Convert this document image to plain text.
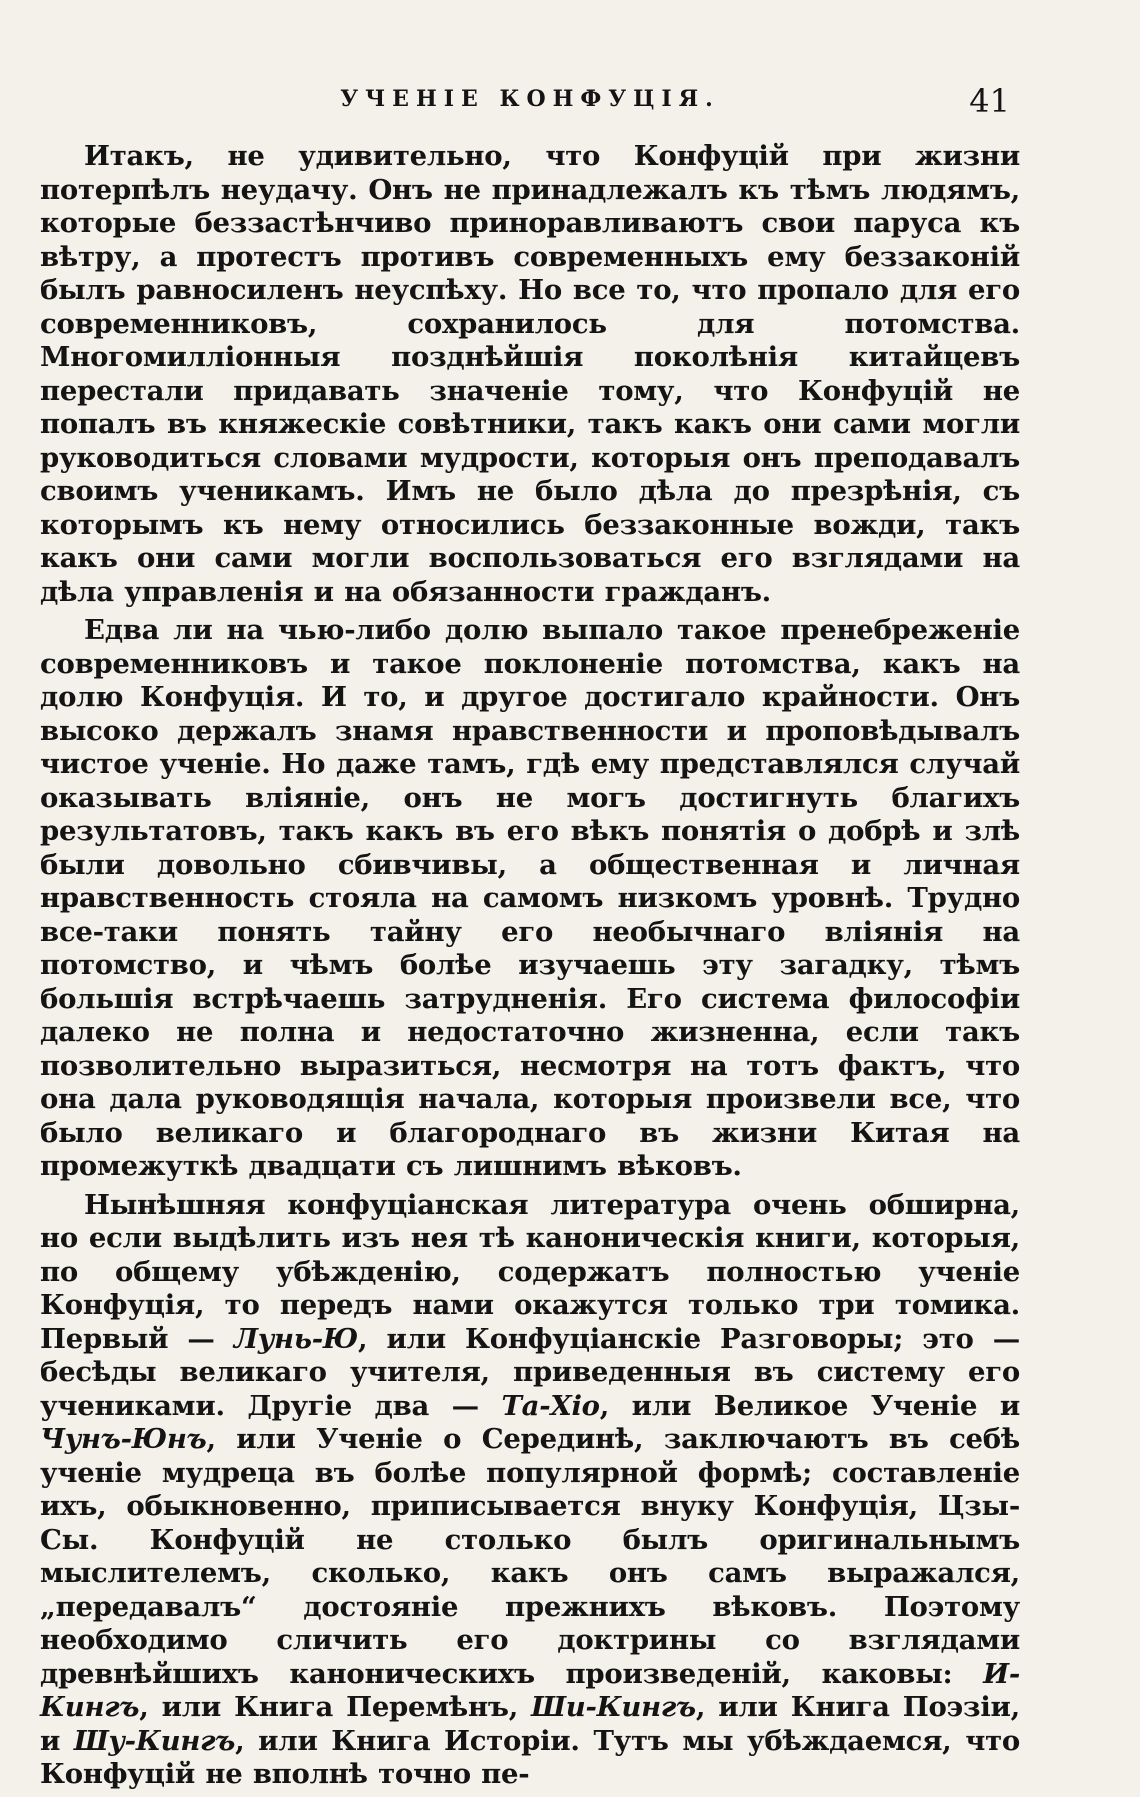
УЧЕНІЕ КОНФУЦІЯ.	41

Итакъ, не удивительно, что Конфуцій при жизни потерпѣлъ неудачу. Онъ не принадлежалъ къ тѣмъ людямъ, которые беззастѣнчиво приноравливаютъ свои паруса къ вѣтру, а протестъ противъ современныхъ ему беззаконій былъ равносиленъ неуспѣху. Но все то, что пропало для его современниковъ, сохранилось для потомства. Многомилліонныя позднѣйшія поколѣнія китайцевъ перестали придавать значеніе тому, что Конфуцій не попалъ въ княжескіе совѣтники, такъ какъ они сами могли руководиться словами мудрости, которыя онъ преподавалъ своимъ ученикамъ. Имъ не было дѣла до презрѣнія, съ которымъ къ нему относились беззаконные вожди, такъ какъ они сами могли воспользоваться его взглядами на дѣла управленія и на обязанности гражданъ.

Едва ли на чью-либо долю выпало такое пренебреженіе современниковъ и такое поклоненіе потомства, какъ на долю Конфуція. И то, и другое достигало крайности. Онъ высоко держалъ знамя нравственности и проповѣдывалъ чистое ученіе. Но даже тамъ, гдѣ ему представлялся случай оказывать вліяніе, онъ не могъ достигнуть благихъ результатовъ, такъ какъ въ его вѣкъ понятія о добрѣ и злѣ были довольно сбивчивы, а общественная и личная нравственность стояла на самомъ низкомъ уровнѣ. Трудно все-таки понять тайну его необычнаго вліянія на потомство, и чѣмъ болѣе изучаешь эту загадку, тѣмъ большія встрѣчаешь затрудненія. Его система философіи далеко не полна и недостаточно жизненна, если такъ позволительно выразиться, несмотря на тотъ фактъ, что она дала руководящія начала, которыя произвели все, что было великаго и благороднаго въ жизни Китая на промежуткѣ двадцати съ лишнимъ вѣковъ.

Нынѣшняя конфуціанская литература очень обширна, но если выдѣлить изъ нея тѣ каноническія книги, которыя, по общему убѣжденію, содержатъ полностью ученіе Конфуція, то передъ нами окажутся только три томика. Первый — Лунь-Ю, или Конфуціанскіе Разговоры; это — бесѣды великаго учителя, приведенныя въ систему его учениками. Другіе два — Та-Хіо, или Великое Ученіе и Чунъ-Юнъ, или Ученіе о Серединѣ, заключаютъ въ себѣ ученіе мудреца въ болѣе популярной формѣ; составленіе ихъ, обыкновенно, приписывается внуку Конфуція, Цзы-Сы. Конфуцій не столько былъ оригинальнымъ мыслителемъ, сколько, какъ онъ самъ выражался, „передавалъ“ достояніе прежнихъ вѣковъ. Поэтому необходимо сличить его доктрины со взглядами древнѣйшихъ каноническихъ произведеній, каковы: И-Кингъ, или Книга Перемѣнъ, Ши-Кингъ, или Книга Поэзіи, и Шу-Кингъ, или Книга Исторіи. Тутъ мы убѣждаемся, что Конфуцій не вполнѣ точно пе-
